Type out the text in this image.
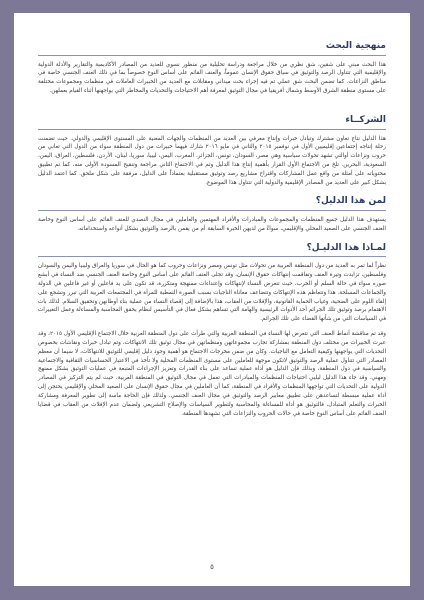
منهجية البحث

هذا البحث مبني على شقين، شق نظري من خلال مراجعة ودراسة تحليلية من منظور نسوي للعديد من المصادر الأكاديمية والتقارير والأدلة الدولية والإقليمية التي تتناول الرصد والتوثيق في سياق حقوق الإنسان عموماً، والعنف القائم على أساس النوع خصوصاً بما في ذلك العنف الجنسي خاصة في مناطق النزاعات. كما تضمن البحث شق عملي تم فيه إجراء بحث ميداني ومقابلات مع العديد من الخبيرات العاملات في منظمات ومجموعات مختلفة على مستوى منطقة الشرق الأوسط وشمال أفريقيا في مجال التوثيق لمعرفة أهم الاحتياجات والتحديات والمخاطر التي يواجهنها أثناء القيام بعملهن.

الشركــاء

هذا الدليل نتاج تعاون مشترك وتبادل خبرات وإنتاج معرفي بين العديد من المنظمات والجهات المعنية على المستوى الإقليمي والدولي. حيث تضمنت رحلة إنتاجه إجتماعين إقليميين الأول في نوفمبر ٢٠١٥ والثاني في مايو ٢٠١٦ شارك فيهما خبيرات من دول المنطقة سواء من الدول التي تعاني من حروب ونزاعات أوالتي تشهد تحولات سياسية وهي مصر، السودان، تونس، الجزائر، المغرب، اليمن، ليبيا، سوريا، لبنان، الأردن، فلسطين، العراق، اليمن، السعودية، البحرين. تلخ من الاجتماع الأول القرار بأهمية إنتاج هذا الدليل وتم في الاجتماع الثاني مراجعة وتنقيح المسودة الأولى منه، كما تم تطبيق محتوياته على أمثلة من واقع عمل المشاركات واقتراح مشاريع رصد وتوثيق مستقبلية بعتماداً على الدليل، مرفقة على شكل ملحق. كما اعتمد الدليل بشكل كبير على العديد من المصادر الإقليمية والدولية التي تتناول هذا الموضوع.

لمن هذا الدليل؟

يستهدف هذا الدليل جميع المنظمات والمجموعات والمبادرات والأفراد المهتمين والعاملين في مجال التصدي للعنف القائم على أساس النوع وخاصة العنف الجنسي على الصعيد المحلي والإقليمي، سواءً من لديهن الخبرة السابقة أم من يقمن بالرصد والتوثيق بشكل أنواعه واستخداماته.

لمـاذا هذا الدليـل؟

نظراً لما تمر به العديد من دول المنطقة العربية من تحولات مثل تونس ومصر ونزاعات وحروب كما هو الحال في سوريا والعراق وليبيا واليمن والسودان وفلسطين، تزايدت وتيرة العنف وتفاقمت إنتهاكات حقوق الإنسان، وقد تجلى العنف القائم على أساس النوع وخاصة العنف الجنسي ضد النساء في أبشع صوره سواء في حالة السلم أو الحرب، حيث تتعرض النساء لإنتهاكات وإعتداءات ممنهجة ومتكررة، قد تكون على يد فاعلين أو غير فاعلين في الدولة والجماعات المسلحة. هذا وتتعاظم هذه الإنتهاكات وتتضاعف معاناة الناجيات بسبب الصورة النمطية للمرأة في المجتمعات العربية التي تبرر وتشجع على إلقاء اللوم على الضحية، وغياب الحماية القانونية، والإفلات من العقاب، هذا بالإضافة إلى إقصاء النساء من عملية بناء أوطانهن وتحقيق السلام. لذلك بات الاهتمام برصد وتوثيق تلك الجرائم أحد الأدوات الرئيسية والهامة التي تساهم بشكل فعال في التأسيس لنظام يحقق المحاسبة والمساءلة وعمل التغييرات في السياسات التي من شأنها القضاء على تلك الجرائم.

وقد تم مناقشة أنماط العنف التي تتعرض لها النساء في المنطقة العربية والتي طرأت على دول المنطقة العربية خلال الاجتماع الإقليمي الأول ٢٠١٥، وقد عبرت الخبيرات من مختلف دول المنطقة بمشاركة تجارب مجموعاتهن ومنظماتهن في مجال توثيق تلك الانتهاكات، وتم تبادل خبرات ونقاشات بخصوص التحديات التي يواجهنها وكيفية التعامل مع الناجيات. وكان من ضمن مخرجات الاجتماع هو أهمية وجود دليل إقليمي للتوثيق للانتهاكات، لا سيما أن معظم المصادر التي تتناول عملية الرصد والتوثيق لاتكون موجهة للعاملين على مستوى المنظمات المحلية ولا تأخذ في الاعتبار الحساسيات الثقافية والاجتماعية والسياسية في دول المنطقة، وبذلك فإن الدليل هو أداة عملية تساعد على بناء القدرات وتعزيز الإجراءات المتبعة في عمليات التوثيق بشكل ممنهج ومهني. وقد جاء هذا الدليل ليلبي احتياجات المنظمات والمبادرات التي تعمل في مجال التوثيق في المنطقة العربية، حيث لم يتم التركيز في المصادر الدولية على التحديات التي تواجهها المنظمات والأفراد في المنطقة، كما أن العاملين في مجال حقوق الإنسان على الصعيد المحلي والإقليمي يحتجن إلى أداة عملية مبسطة لتساعدهن على تطبيق معايير الرصد والتوثيق في مجال العنف الجنسي. ولذلك فإن الحاجة ماسة إلى تطوير المعرفة ومشاركة الخبرات والتعلم المتبادل، فالتوثيق هو أداة للمساءلة والمحاسبة ولتطوير السياسات والإصلاح التشريعي ولضمان عدم الإفلات من العقاب في قضايا العنف القائم على أساس النوع خاصة في حالات الحروب والنزاعات التي تشهدها المنطقة.

٥
